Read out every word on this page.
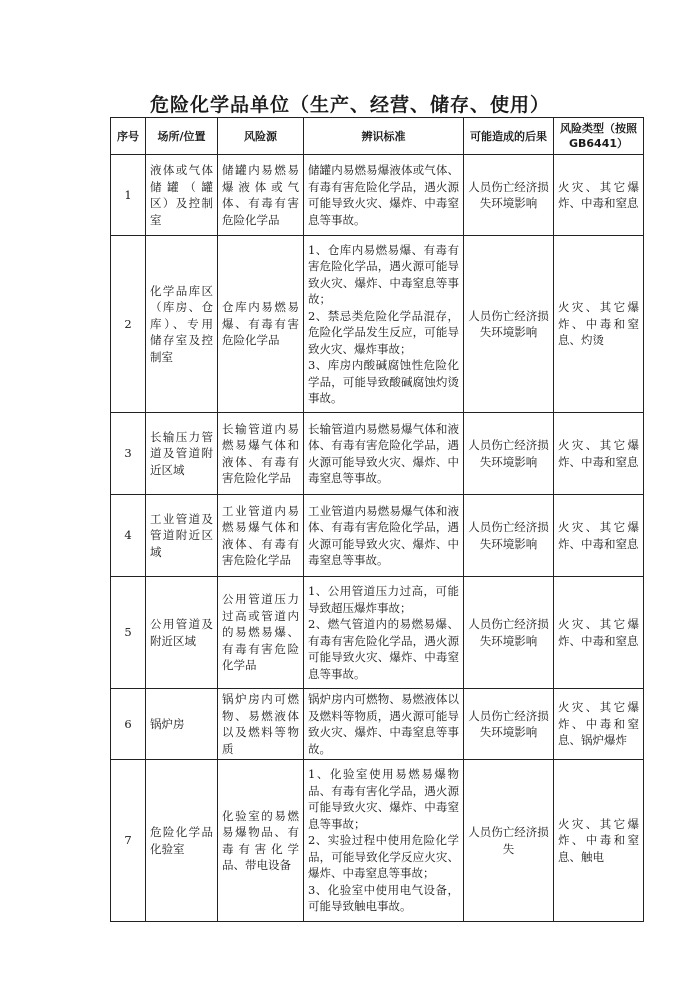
危险化学品单位（生产、经营、储存、使用）
序号	场所/位置	风险源	辨识标准	可能造成的后果	风险类型（按照GB6441）
1	液体或气体储罐（罐区）及控制室	储罐内易燃易爆液体或气体、有毒有害危险化学品	储罐内易燃易爆液体或气体、有毒有害危险化学品，遇火源可能导致火灾、爆炸、中毒窒息等事故。	人员伤亡经济损失环境影响	火灾、其它爆炸、中毒和窒息
2	化学品库区（库房、仓库）、专用储存室及控制室	仓库内易燃易爆、有毒有害危险化学品	1、仓库内易燃易爆、有毒有害危险化学品，遇火源可能导致火灾、爆炸、中毒窒息等事故；
2、禁忌类危险化学品混存，危险化学品发生反应，可能导致火灾、爆炸事故；
3、库房内酸碱腐蚀性危险化学品，可能导致酸碱腐蚀灼烫事故。	人员伤亡经济损失环境影响	火灾、其它爆炸、中毒和窒息、灼烫
3	长输压力管道及管道附近区域	长输管道内易燃易爆气体和液体、有毒有害危险化学品	长输管道内易燃易爆气体和液体、有毒有害危险化学品，遇火源可能导致火灾、爆炸、中毒窒息等事故。	人员伤亡经济损失环境影响	火灾、其它爆炸、中毒和窒息
4	工业管道及管道附近区域	工业管道内易燃易爆气体和液体、有毒有害危险化学品	工业管道内易燃易爆气体和液体、有毒有害危险化学品，遇火源可能导致火灾、爆炸、中毒窒息等事故。	人员伤亡经济损失环境影响	火灾、其它爆炸、中毒和窒息
5	公用管道及附近区域	公用管道压力过高或管道内的易燃易爆、有毒有害危险化学品	1、公用管道压力过高，可能导致超压爆炸事故；
2、燃气管道内的易燃易爆、有毒有害危险化学品，遇火源可能导致火灾、爆炸、中毒窒息等事故。	人员伤亡经济损失环境影响	火灾、其它爆炸、中毒和窒息
6	锅炉房	锅炉房内可燃物、易燃液体以及燃料等物质	锅炉房内可燃物、易燃液体以及燃料等物质，遇火源可能导致火灾、爆炸、中毒窒息等事故。	人员伤亡经济损失环境影响	火灾、其它爆炸、中毒和窒息、锅炉爆炸
7	危险化学品化验室	化验室的易燃易爆物品、有毒有害化学品、带电设备	1、化验室使用易燃易爆物品、有毒有害化学品，遇火源可能导致火灾、爆炸、中毒窒息等事故；
2、实验过程中使用危险化学品，可能导致化学反应火灾、爆炸、中毒窒息等事故；
3、化验室中使用电气设备，可能导致触电事故。	人员伤亡经济损失	火灾、其它爆炸、中毒和窒息、触电
